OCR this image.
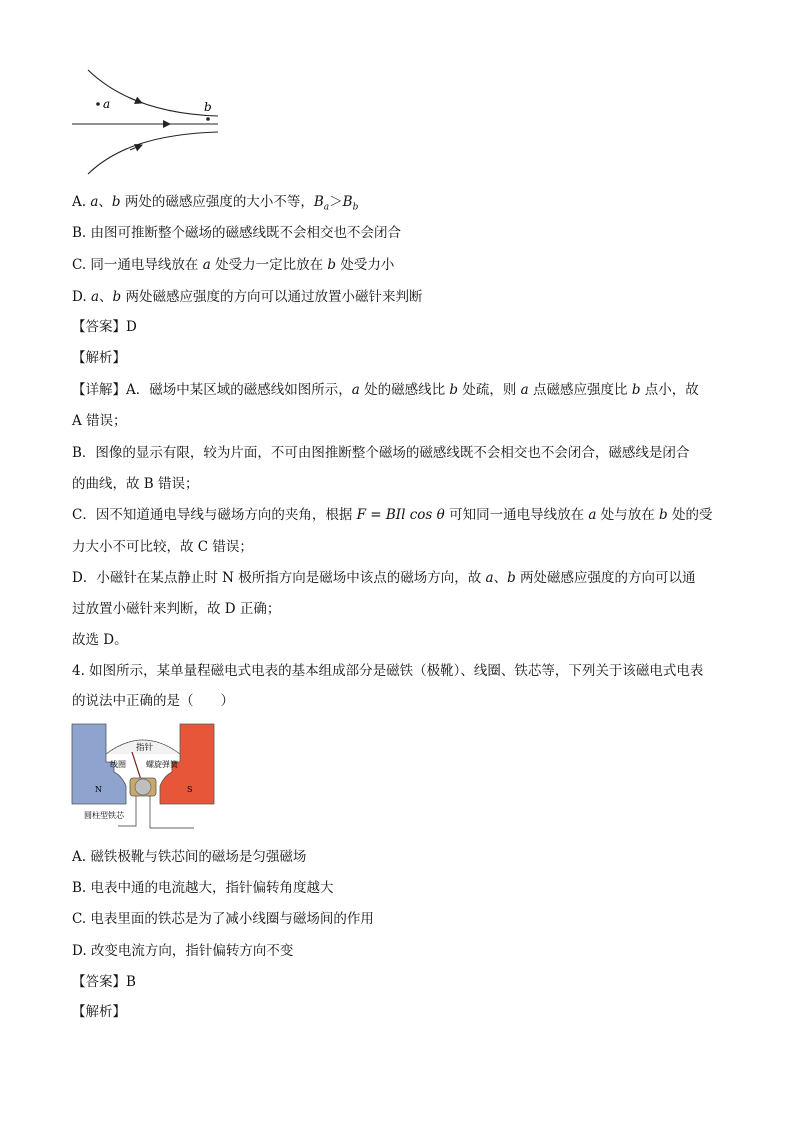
a	b
A. a、b 两处的磁感应强度的大小不等，$B_a>B_b$
B. 由图可推断整个磁场的磁感线既不会相交也不会闭合
C. 同一通电导线放在 a 处受力一定比放在 b 处受力小
D. a、b 两处磁感应强度的方向可以通过放置小磁针来判断
【答案】D
【解析】
【详解】A．磁场中某区域的磁感线如图所示，a 处的磁感线比 b 处疏，则 a 点磁感应强度比 b 点小，故
A 错误；
B．图像的显示有限，较为片面，不可由图推断整个磁场的磁感线既不会相交也不会闭合，磁感线是闭合
的曲线，故 B 错误；
C．因不知道通电导线与磁场方向的夹角，根据 F = BIl cos θ 可知同一通电导线放在 a 处与放在 b 处的受
力大小不可比较，故 C 错误；
D．小磁针在某点静止时 N 极所指方向是磁场中该点的磁场方向，故 a、b 两处磁感应强度的方向可以通
过放置小磁针来判断，故 D 正确；
故选 D。
4. 如图所示，某单量程磁电式电表的基本组成部分是磁铁（极靴）、线圈、铁芯等，下列关于该磁电式电表
的说法中正确的是（　　）
指针
线圈	螺旋弹簧
N	S
圆柱型铁芯
A. 磁铁极靴与铁芯间的磁场是匀强磁场
B. 电表中通的电流越大，指针偏转角度越大
C. 电表里面的铁芯是为了减小线圈与磁场间的作用
D. 改变电流方向，指针偏转方向不变
【答案】B
【解析】
